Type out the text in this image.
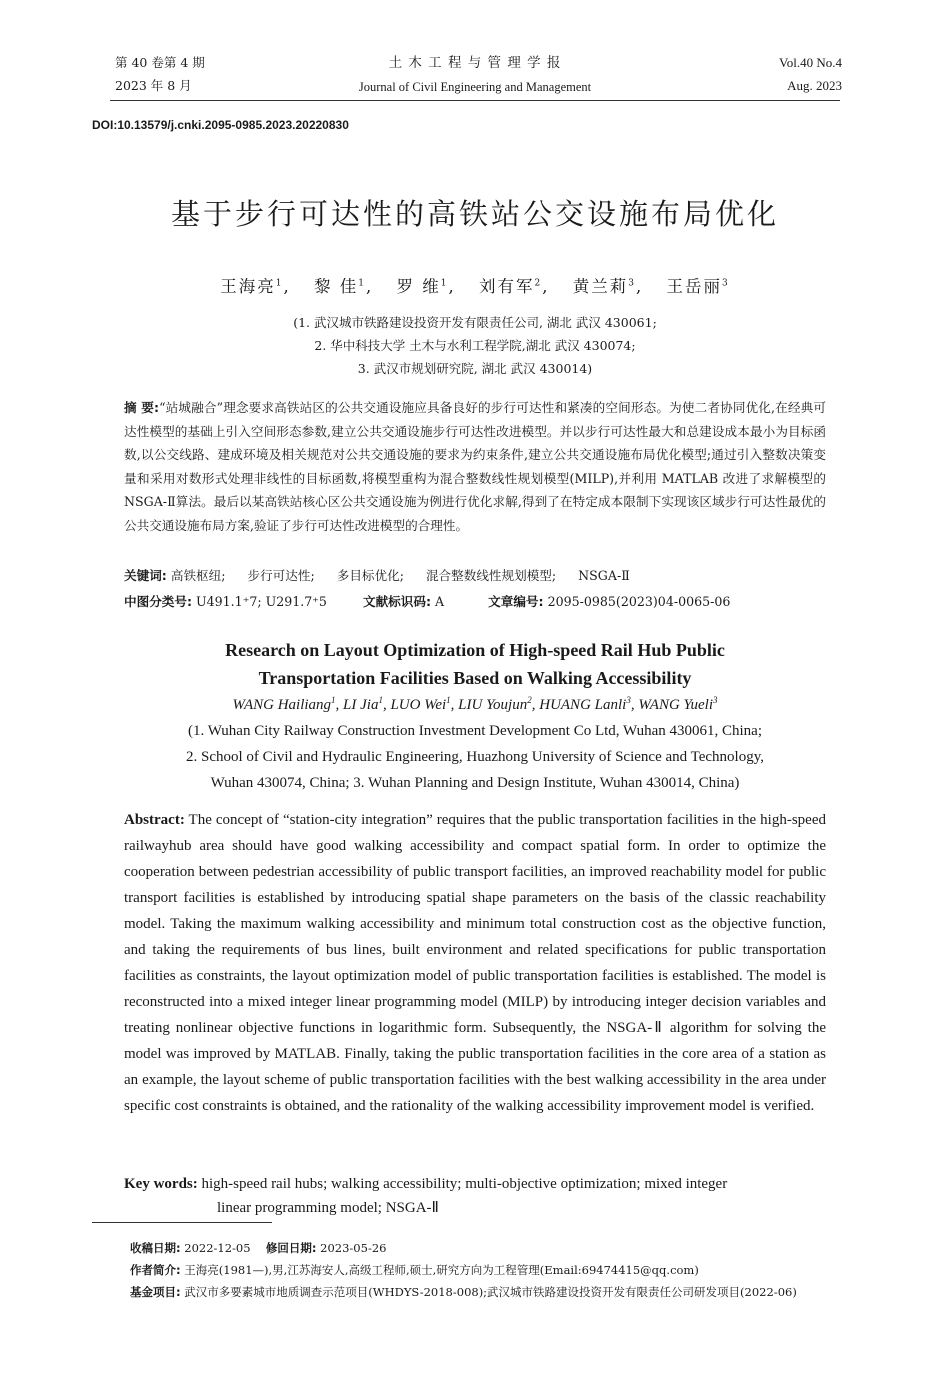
第 40 卷第 4 期
2023 年 8 月
土 木 工 程 与 管 理 学 报
Journal of Civil Engineering and Management
Vol.40 No.4
Aug. 2023
DOI:10.13579/j.cnki.2095-0985.2023.20220830
基于步行可达性的高铁站公交设施布局优化
王海亮$^1$, 黎 佳$^1$, 罗 维$^1$, 刘有军$^2$, 黄兰莉$^3$, 王岳丽$^3$
(1. 武汉城市铁路建设投资开发有限责任公司, 湖北 武汉 430061;
2. 华中科技大学 土木与水利工程学院,湖北 武汉 430074;
3. 武汉市规划研究院, 湖北 武汉 430014)
摘 要:“站城融合”理念要求高铁站区的公共交通设施应具备良好的步行可达性和紧凑的空间形态。为使二者协同优化,在经典可达性模型的基础上引入空间形态参数,建立公共交通设施步行可达性改进模型。并以步行可达性最大和总建设成本最小为目标函数,以公交线路、建成环境及相关规范对公共交通设施的要求为约束条件,建立公共交通设施布局优化模型;通过引入整数决策变量和采用对数形式处理非线性的目标函数,将模型重构为混合整数线性规划模型(MILP),并利用 MATLAB 改进了求解模型的 NSGA-Ⅱ算法。最后以某高铁站核心区公共交通设施为例进行优化求解,得到了在特定成本限制下实现该区域步行可达性最优的公共交通设施布局方案,验证了步行可达性改进模型的合理性。
关键词: 高铁枢纽; 步行可达性; 多目标优化; 混合整数线性规划模型; NSGA-Ⅱ
中图分类号: U491.1⁺7; U291.7⁺5	文献标识码: A	文章编号: 2095-0985(2023)04-0065-06
Research on Layout Optimization of High-speed Rail Hub Public
Transportation Facilities Based on Walking Accessibility
WANG Hailiang$^1$, LI Jia$^1$, LUO Wei$^1$, LIU Youjun$^2$, HUANG Lanli$^3$, WANG Yueli$^3$
(1. Wuhan City Railway Construction Investment Development Co Ltd, Wuhan 430061, China;
2. School of Civil and Hydraulic Engineering, Huazhong University of Science and Technology,
Wuhan 430074, China; 3. Wuhan Planning and Design Institute, Wuhan 430014, China)
Abstract: The concept of “station-city integration” requires that the public transportation facilities in the high-speed railwayhub area should have good walking accessibility and compact spatial form. In order to optimize the cooperation between pedestrian accessibility of public transport facilities, an improved reachability model for public transport facilities is established by introducing spatial shape parameters on the basis of the classic reachability model. Taking the maximum walking accessibility and minimum total construction cost as the objective function, and taking the requirements of bus lines, built environment and related specifications for public transportation facilities as constraints, the layout optimization model of public transportation facilities is established. The model is reconstructed into a mixed integer linear programming model (MILP) by introducing integer decision variables and treating nonlinear objective functions in logarithmic form. Subsequently, the NSGA-Ⅱ algorithm for solving the model was improved by MATLAB. Finally, taking the public transportation facilities in the core area of a station as an example, the layout scheme of public transportation facilities with the best walking accessibility in the area under specific cost constraints is obtained, and the rationality of the walking accessibility improvement model is verified.
Key words: high-speed rail hubs; walking accessibility; multi-objective optimization; mixed integer
linear programming model; NSGA-Ⅱ
收稿日期: 2022-12-05 修回日期: 2023-05-26
作者简介: 王海亮(1981—),男,江苏海安人,高级工程师,硕士,研究方向为工程管理(Email:69474415@qq.com)
基金项目: 武汉市多要素城市地质调查示范项目(WHDYS-2018-008);武汉城市铁路建设投资开发有限责任公司研发项目(2022-06)
